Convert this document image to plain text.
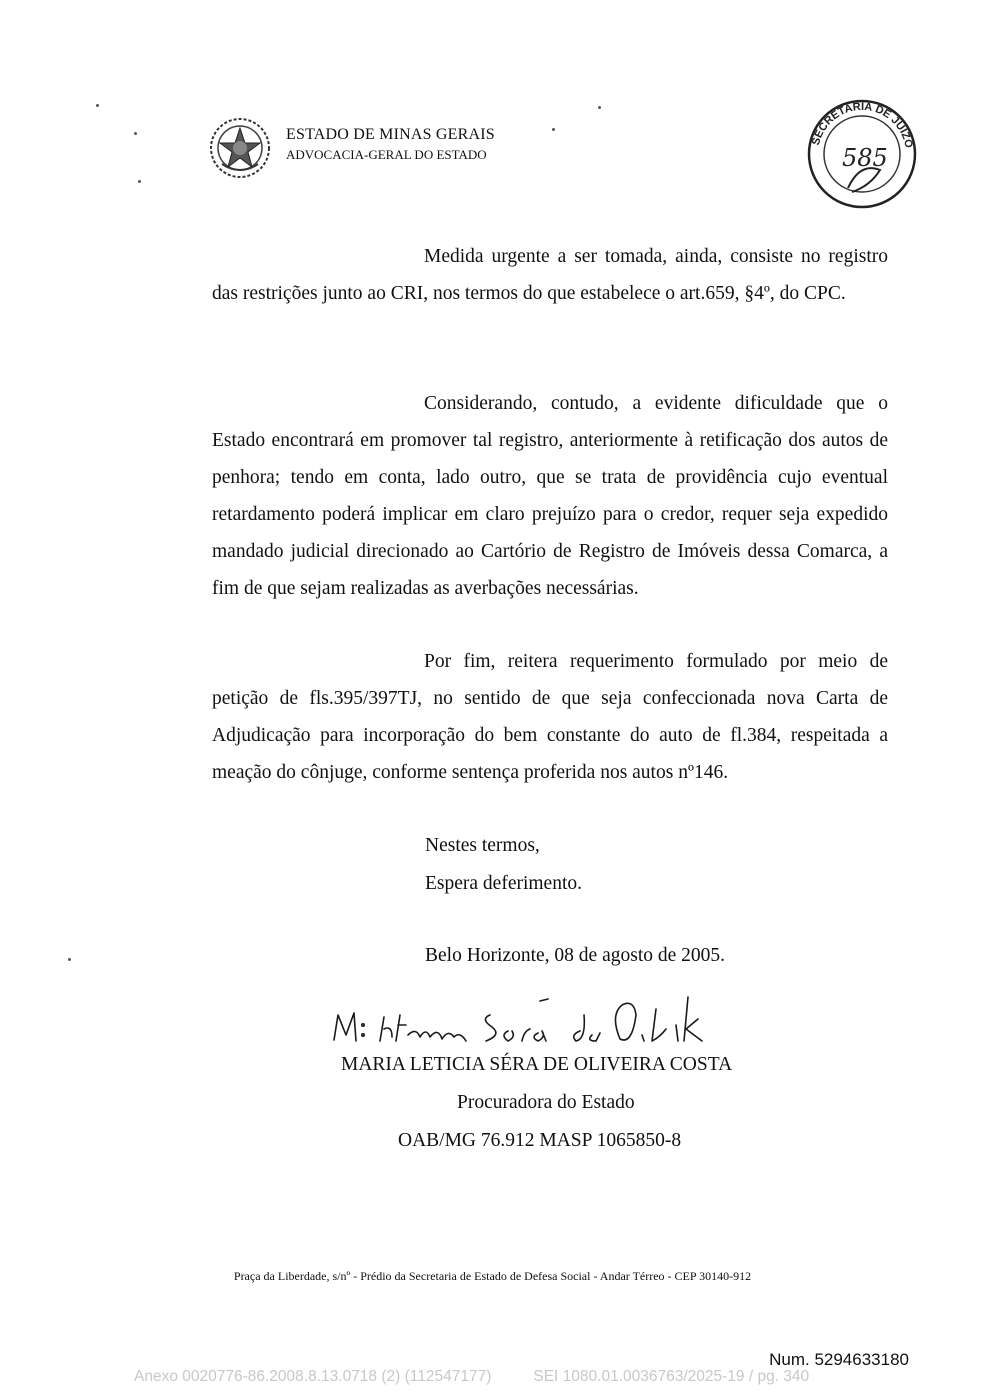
ESTADO DE MINAS GERAIS
ADVOCACIA-GERAL DO ESTADO
SECRETARIA DE JUIZO
585
Medida urgente a ser tomada, ainda, consiste no registro das restrições junto ao CRI, nos termos do que estabelece o art.659, §4º, do CPC.
Considerando, contudo, a evidente dificuldade que o Estado encontrará em promover tal registro, anteriormente à retificação dos autos de penhora; tendo em conta, lado outro, que se trata de providência cujo eventual retardamento poderá implicar em claro prejuízo para o credor, requer seja expedido mandado judicial direcionado ao Cartório de Registro de Imóveis dessa Comarca, a fim de que sejam realizadas as averbações necessárias.
Por fim, reitera requerimento formulado por meio de petição de fls.395/397TJ, no sentido de que seja confeccionada nova Carta de Adjudicação para incorporação do bem constante do auto de fl.384, respeitada a meação do cônjuge, conforme sentença proferida nos autos nº146.
Nestes termos,
Espera deferimento.
Belo Horizonte, 08 de agosto de 2005.
MARIA LETICIA SÉRA DE OLIVEIRA COSTA
Procuradora do Estado
OAB/MG 76.912 MASP 1065850-8
Praça da Liberdade, s/nº - Prédio da Secretaria de Estado de Defesa Social - Andar Térreo - CEP 30140-912
Num. 5294633180
Anexo 0020776-86.2008.8.13.0718 (2) (112547177)	SEI 1080.01.0036763/2025-19 / pg. 340
